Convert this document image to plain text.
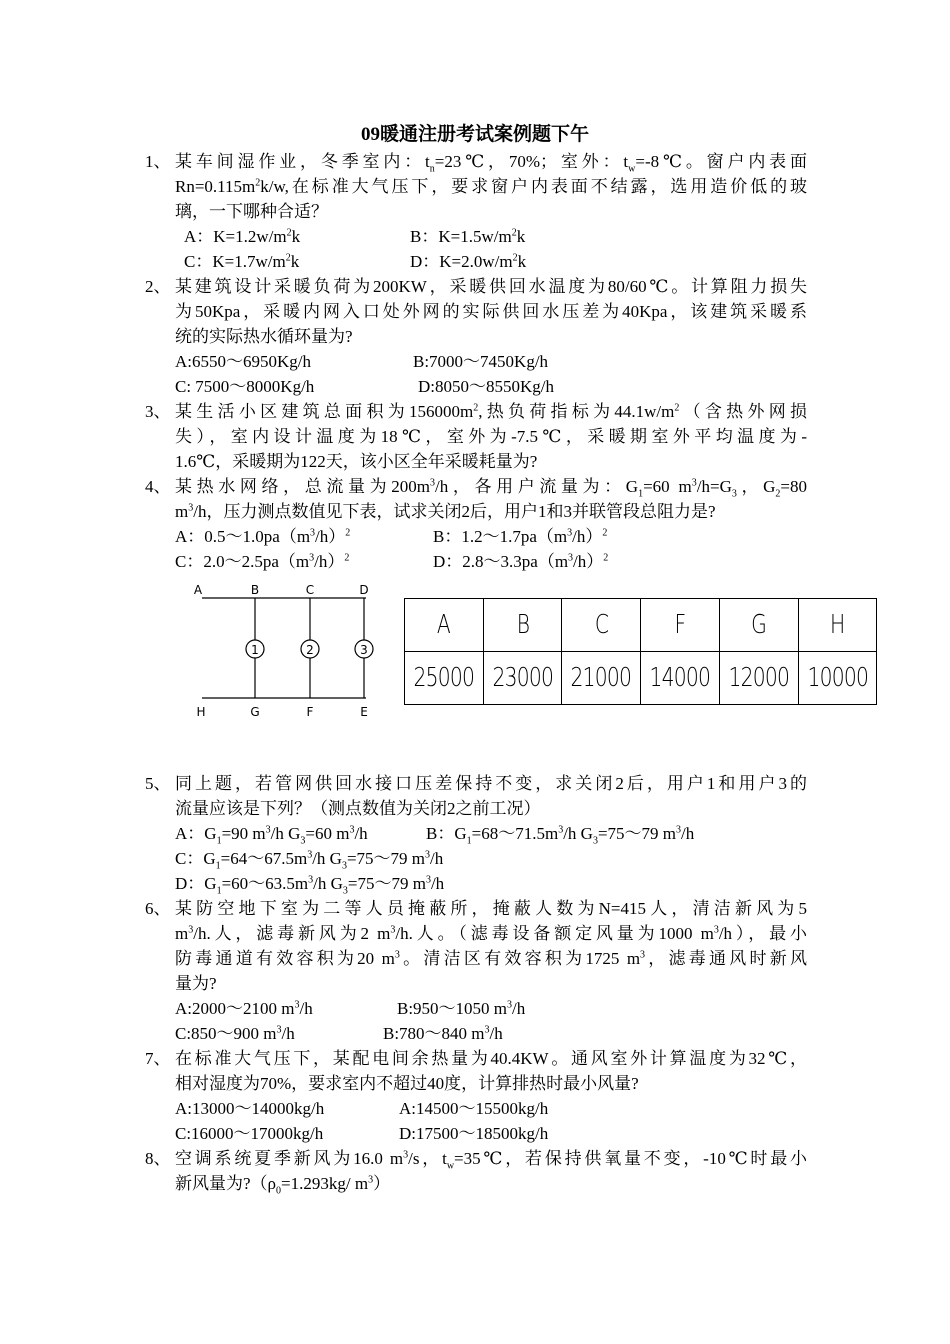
09暖通注册考试案例题下午
1、 某车间湿作业，冬季室内：$t_n=23℃$，70%；室外：$t_w=-8℃$。窗户内表面
$Rn=0.115m^2k/w$,在标准大气压下，要求窗户内表面不结露，选用造价低的玻
璃，一下哪种合适？
A：$K=1.2w/m^2k$	B：$K=1.5w/m^2k$
C：$K=1.7w/m^2k$	D：$K=2.0w/m^2k$
2、 某建筑设计采暖负荷为200KW，采暖供回水温度为80/60℃。计算阻力损失
为50Kpa，采暖内网入口处外网的实际供回水压差为40Kpa，该建筑采暖系
统的实际热水循环量为?
A:6550～6950Kg/h	B:7000～7450Kg/h
C: 7500～8000Kg/h	D:8050～8550Kg/h
3、 某生活小区建筑总面积为$156000m^2$,热负荷指标为$44.1w/m^2$（含热外网损
失），室内设计温度为18℃，室外为-7.5℃，采暖期室外平均温度为-
1.6℃，采暖期为122天，该小区全年采暖耗量为?
4、 某热水网络，总流量为$200m^3/h$，各用户流量为：$G_1=60$ $m^3/h=G_3$，$G_2=80$
$m^3/h$，压力测点数值见下表，试求关闭2后，用户1和3并联管段总阻力是?
A：$0.5\sim 1.0pa(m^3/h)^2$	B：$1.2\sim 1.7pa(m^3/h)^2$
C：$2.0\sim 2.5pa(m^3/h)^2$	D：$2.8\sim 3.3pa(m^3/h)^2$
A	B	C	D
H	G	F	E
1	2	3
A	B	C	F	G	H
25000	23000	21000	14000	12000	10000
5、 同上题，若管网供回水接口压差保持不变，求关闭2后，用户1和用户3的
流量应该是下列？（测点数值为关闭2之前工况）
A：$G_1=90$ $m^3/h$ $G_3=60$ $m^3/h$	B：$G_1=68\sim 71.5m^3/h$ $G_3=75\sim 79$ $m^3/h$
C：$G_1=64\sim 67.5m^3/h$ $G_3=75\sim 79$ $m^3/h$
D：$G_1=60\sim 63.5m^3/h$ $G_3=75\sim 79$ $m^3/h$
6、 某防空地下室为二等人员掩蔽所，掩蔽人数为N=415人，清洁新风为5
$m^3/h$.人，滤毒新风为2 $m^3/h$.人。（滤毒设备额定风量为1000 $m^3/h$），最小
防毒通道有效容积为20 $m^3$。清洁区有效容积为1725 $m^3$，滤毒通风时新风
量为?
A:2000～2100 $m^3/h$	B:950～1050 $m^3/h$
C:850～900 $m^3/h$	B:780～840 $m^3/h$
7、 在标准大气压下，某配电间余热量为40.4KW。通风室外计算温度为32℃，
相对湿度为70%，要求室内不超过40度，计算排热时最小风量?
A:13000～14000kg/h	A:14500～15500kg/h
C:16000～17000kg/h	D:17500～18500kg/h
8、 空调系统夏季新风为16.0 $m^3/s$，$t_w=35℃$，若保持供氧量不变，-10℃时最小
新风量为$?(\rho_0=1.293kg/$ $m^3$）
